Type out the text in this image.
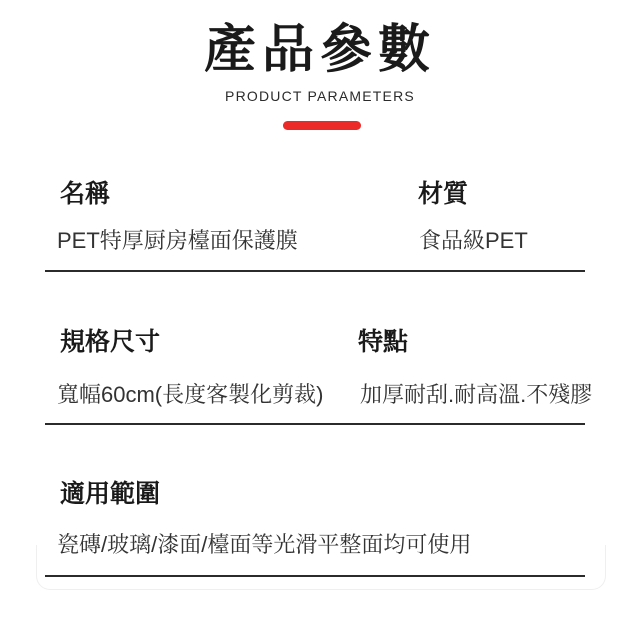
產品參數
PRODUCT PARAMETERS
名稱
PET特厚厨房檯面保護膜
材質
食品級PET
規格尺寸
寬幅60cm(長度客製化剪裁)
特點
加厚耐刮.耐高溫.不殘膠
適用範圍
瓷磚/玻璃/漆面/檯面等光滑平整面均可使用
